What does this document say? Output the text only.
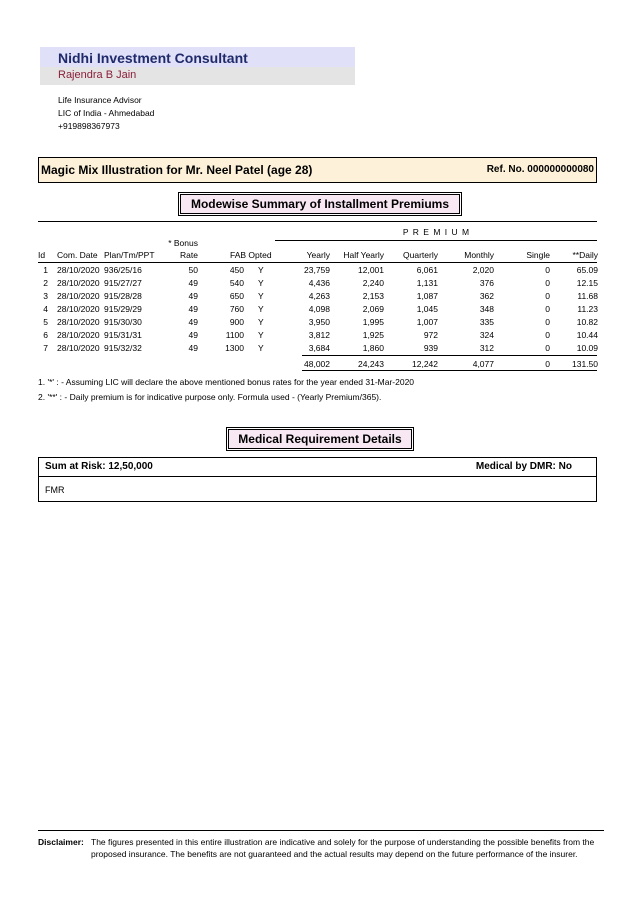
Nidhi Investment Consultant
Rajendra B Jain
Life Insurance Advisor
LIC of India - Ahmedabad
+919898367973
Magic Mix Illustration for Mr. Neel Patel (age 28)	Ref. No. 000000000080
Modewise Summary of Installment Premiums
P R E M I U M
Id Com. Date Plan/Tm/PPT
* Bonus
Rate	FAB Opted	Yearly	Half Yearly	Quarterly	Monthly	Single	**Daily
1 28/10/2020 936/25/16	50	450 Y	23,759	12,001	6,061	2,020	0	65.09
2 28/10/2020 915/27/27	49	540 Y	4,436	2,240	1,131	376	0	12.15
3 28/10/2020 915/28/28	49	650 Y	4,263	2,153	1,087	362	0	11.68
4 28/10/2020 915/29/29	49	760 Y	4,098	2,069	1,045	348	0	11.23
5 28/10/2020 915/30/30	49	900 Y	3,950	1,995	1,007	335	0	10.82
6 28/10/2020 915/31/31	49	1100 Y	3,812	1,925	972	324	0	10.44
7 28/10/2020 915/32/32	49	1300 Y	3,684	1,860	939	312	0	10.09
48,002	24,243	12,242	4,077	0	131.50
1. '*' : - Assuming LIC will declare the above mentioned bonus rates for the year ended 31-Mar-2020
2. '**' : - Daily premium is for indicative purpose only. Formula used - (Yearly Premium/365).
Medical Requirement Details
Sum at Risk: 12,50,000	Medical by DMR: No
FMR
Disclaimer: The figures presented in this entire illustration are indicative and solely for the purpose of understanding the possible benefits from the proposed insurance. The benefits are not guaranteed and the actual results may depend on the future performance of the insurer.
